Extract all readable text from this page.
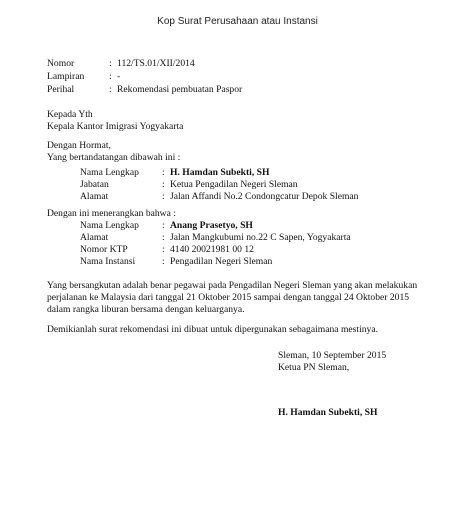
Kop Surat Perusahaan atau Instansi
Nomor	: 112/TS.01/XII/2014
Lampiran	: -
Perihal	: Rekomendasi pembuatan Paspor
Kepada Yth
Kepala Kantor Imigrasi Yogyakarta
Dengan Hormat,
Yang bertandatangan dibawah ini :
Nama Lengkap : H. Hamdan Subekti, SH
Jabatan	: Ketua Pengadilan Negeri Sleman
Alamat	: Jalan Affandi No.2 Condongcatur Depok Sleman
Dengan ini menerangkan bahwa :
Nama Lengkap : Anang Prasetyo, SH
Alamat	: Jalan Mangkubumi no.22 C Sapen, Yogyakarta
Nomor KTP	: 4140 20021981 00 12
Nama Instansi	: Pengadilan Negeri Sleman

Yang bersangkutan adalah benar pegawai pada Pengadilan Negeri Sleman yang akan melakukan

perjalanan ke Malaysia dari tanggal 21 Oktober 2015 sampai dengan tanggal 24 Oktober 2015

dalam rangka liburan bersama dengan keluarganya.

Demikianlah surat rekomendasi ini dibuat untuk dipergunakan sebagaimana mestinya.
Sleman, 10 September 2015
Ketua PN Sleman,
H. Hamdan Subekti, SH
